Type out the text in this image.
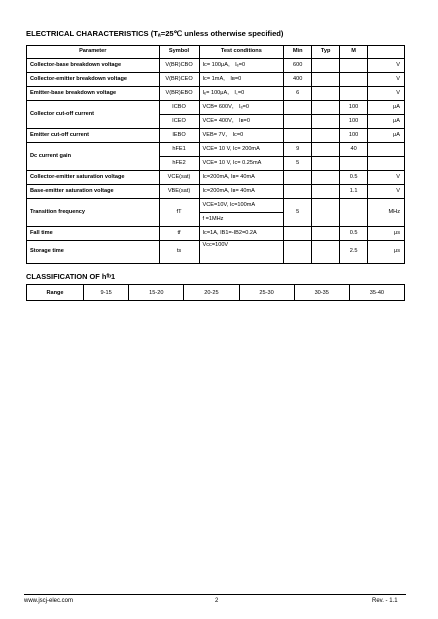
ELECTRICAL CHARACTERISTICS (Tₐ=25℃ unless otherwise specified)
Parameter	Symbol	Test conditions	Min	Typ	M	
Collector-base breakdown voltage	V(BR)CBO	Ic= 100μA， Iₑ=0	600			V
Collector-emitter breakdown voltage	V(BR)CEO	Ic= 1mA， Iʙ=0	400			V
Emitter-base breakdown voltage	V(BR)EBO	Iₑ= 100μA， I꜀=0	6			V
Collector cut-off current	ICBO	VCB= 600V， Iₑ=0			100	μA
	ICEO	VCE= 400V， Iʙ=0			100	μA
Emitter cut-off current	IEBO	VEB= 7V， Ic=0			100	μA
Dc current gain	hFE1	VCE= 10 V, Ic= 200mA	9		40	
	hFE2	VCE= 10 V, Ic= 0.25mA	5			
Collector-emitter saturation voltage	VCE(sat)	Ic=200mA, Iʙ= 40mA			0.5	V
Base-emitter saturation voltage	VBE(sat)	Ic=200mA, Iʙ= 40mA			1.1	V
Transition frequency	fT	VCE=10V, Ic=100mA	5			MHz
		f =1MHz				
Fall time	tf	Ic=1A, IB1=-IB2=0.2A			0.5	μs
Storage time	ts	Vcc=100V			2.5	μs
CLASSIFICATION OF hᶠᵇ1
Range	9-15	15-20	20-25	25-30	30-35	35-40
www.jscj-elec.com	2	Rev. - 1.1
